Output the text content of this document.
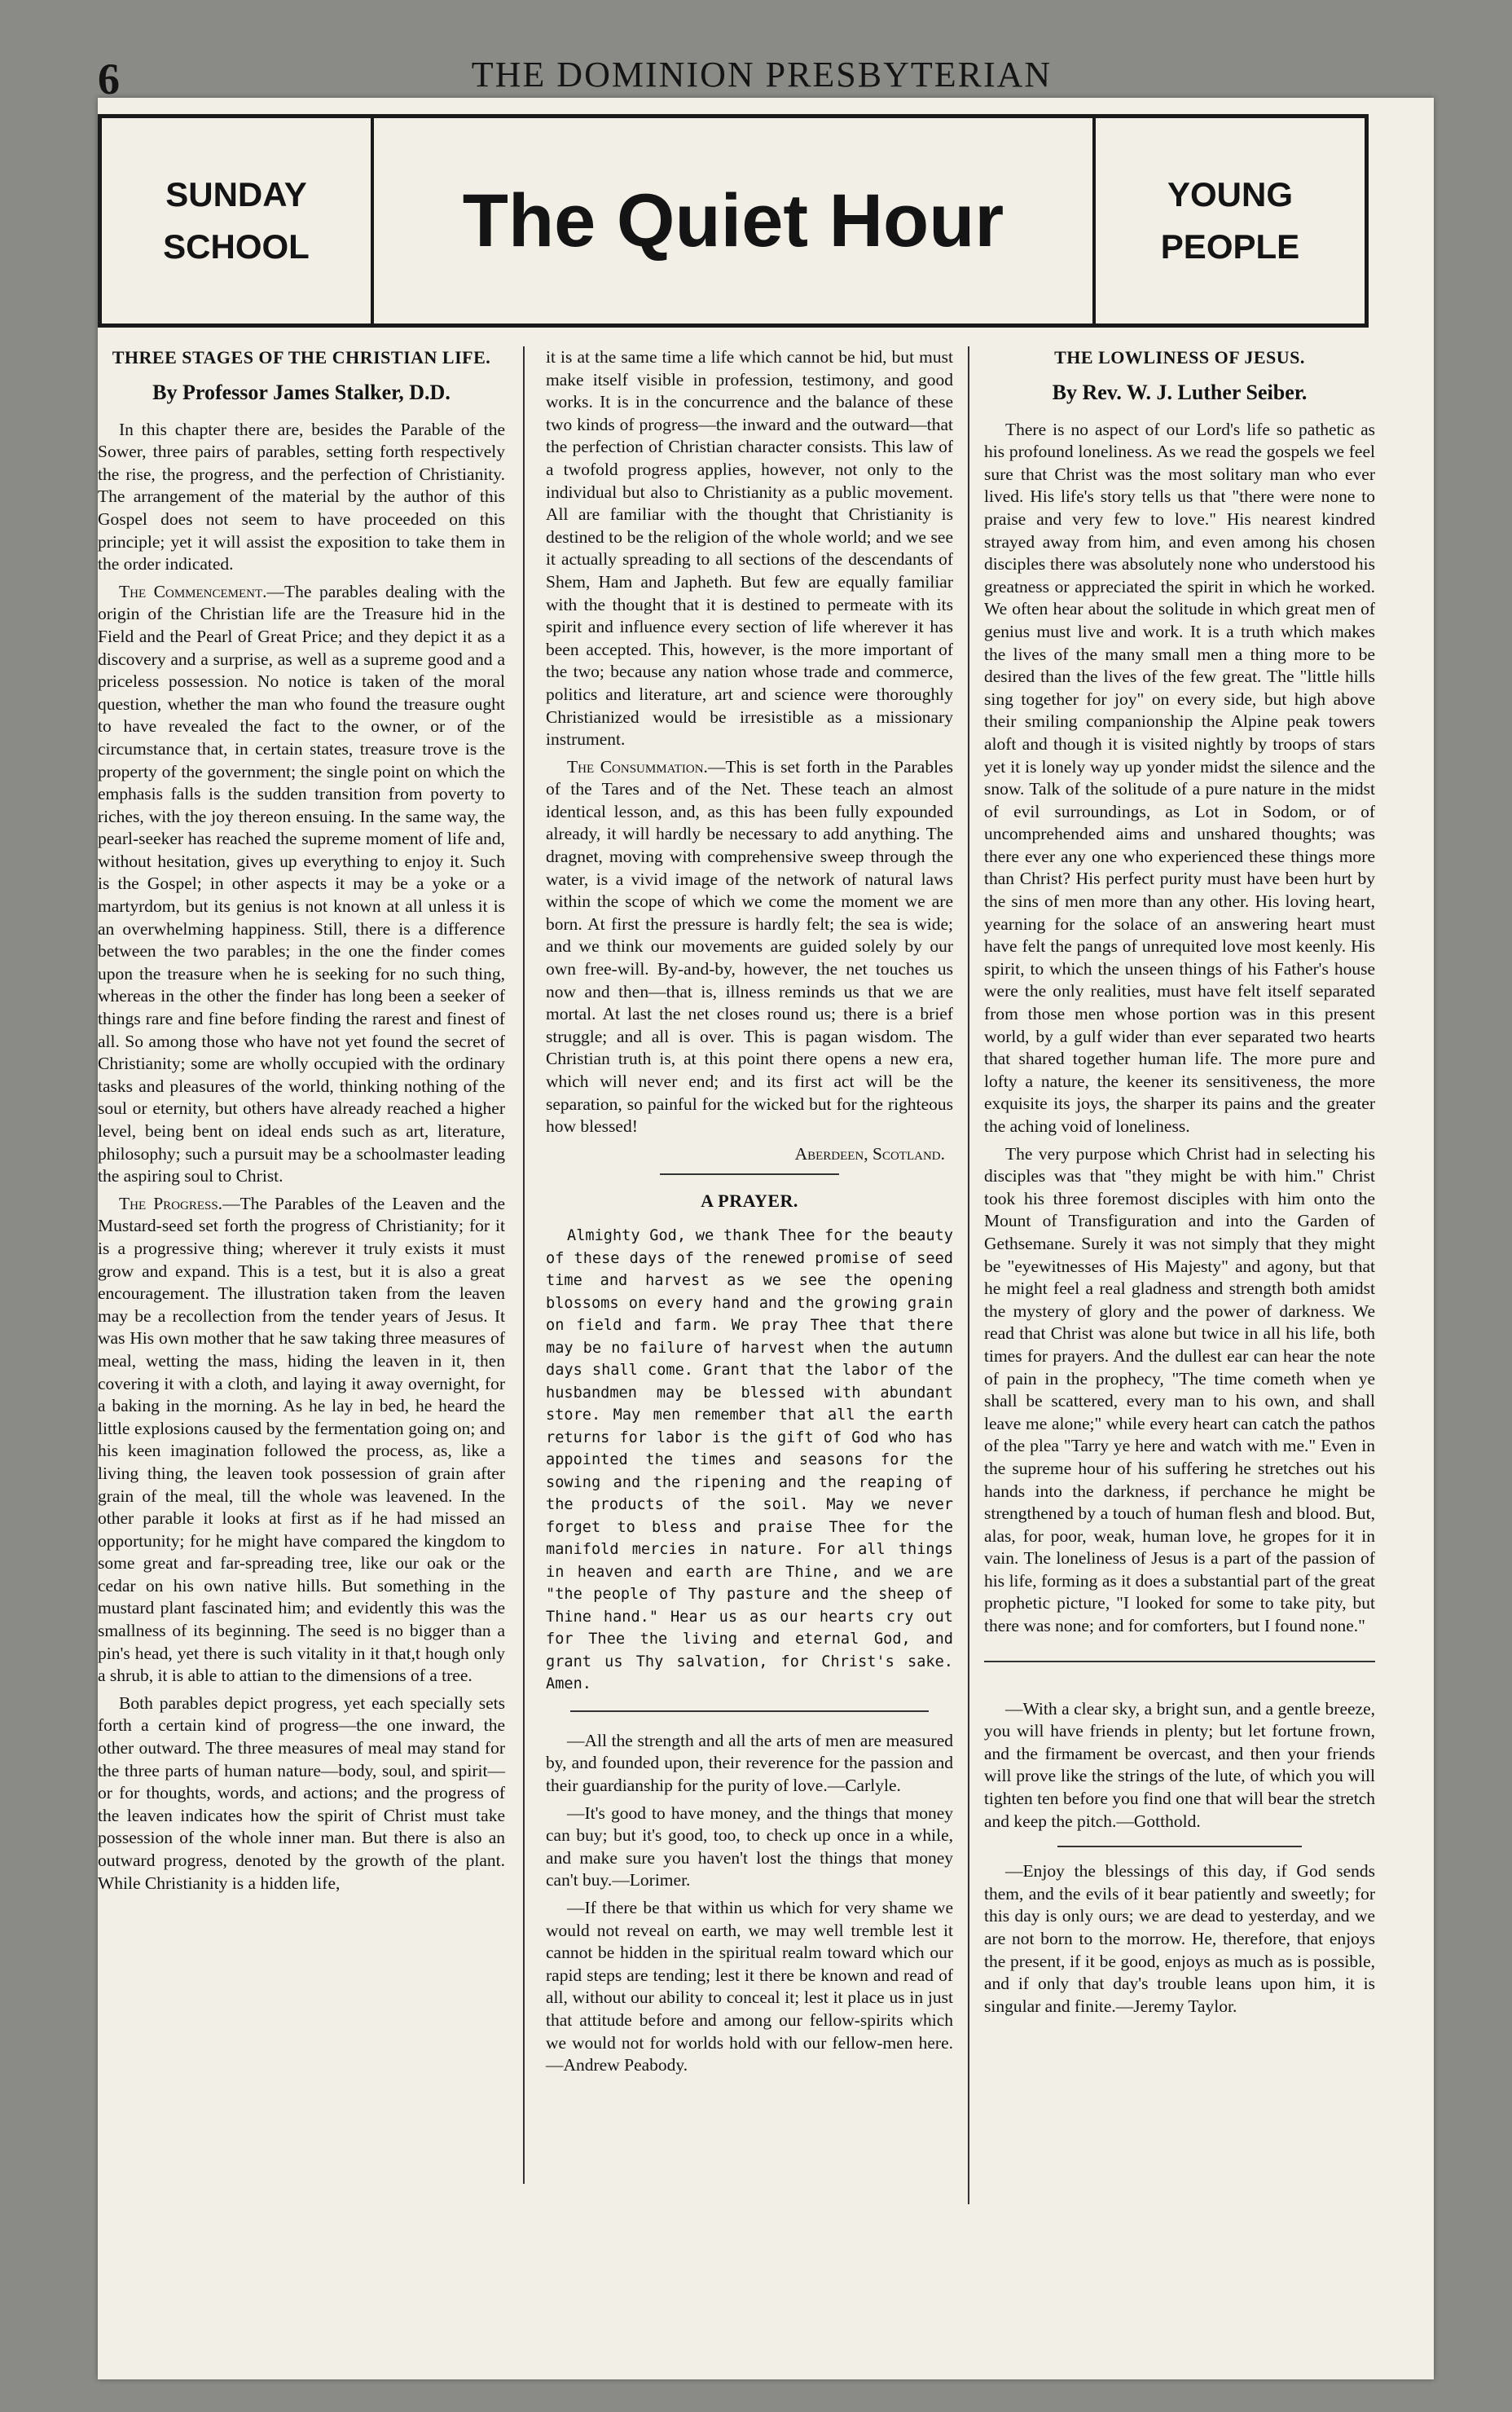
6	THE DOMINION PRESBYTERIAN
SUNDAY
SCHOOL	The Quiet Hour	YOUNG
PEOPLE
THREE STAGES OF THE CHRISTIAN LIFE.
By Professor James Stalker, D.D.

In this chapter there are, besides the Parable of the Sower, three pairs of parables, setting forth respectively the rise, the progress, and the perfection of Christianity. The arrangement of the material by the author of this Gospel does not seem to have proceeded on this principle; yet it will assist the exposition to take them in the order indicated.

The Commencement.—The parables dealing with the origin of the Christian life are the Treasure hid in the Field and the Pearl of Great Price; and they depict it as a discovery and a surprise, as well as a supreme good and a priceless possession. No notice is taken of the moral question, whether the man who found the treasure ought to have revealed the fact to the owner, or of the circumstance that, in certain states, treasure trove is the property of the government; the single point on which the emphasis falls is the sudden transition from poverty to riches, with the joy thereon ensuing. In the same way, the pearl-seeker has reached the supreme moment of life and, without hesitation, gives up everything to enjoy it. Such is the Gospel; in other aspects it may be a yoke or a martyrdom, but its genius is not known at all unless it is an overwhelming happiness. Still, there is a difference between the two parables; in the one the finder comes upon the treasure when he is seeking for no such thing, whereas in the other the finder has long been a seeker of things rare and fine before finding the rarest and finest of all. So among those who have not yet found the secret of Christianity; some are wholly occupied with the ordinary tasks and pleasures of the world, thinking nothing of the soul or eternity, but others have already reached a higher level, being bent on ideal ends such as art, literature, philosophy; such a pursuit may be a schoolmaster leading the aspiring soul to Christ.

The Progress.—The Parables of the Leaven and the Mustard-seed set forth the progress of Christianity; for it is a progressive thing; wherever it truly exists it must grow and expand. This is a test, but it is also a great encouragement. The illustration taken from the leaven may be a recollection from the tender years of Jesus. It was His own mother that he saw taking three measures of meal, wetting the mass, hiding the leaven in it, then covering it with a cloth, and laying it away overnight, for a baking in the morning. As he lay in bed, he heard the little explosions caused by the fermentation going on; and his keen imagination followed the process, as, like a living thing, the leaven took possession of grain after grain of the meal, till the whole was leavened. In the other parable it looks at first as if he had missed an opportunity; for he might have compared the kingdom to some great and far-spreading tree, like our oak or the cedar on his own native hills. But something in the mustard plant fascinated him; and evidently this was the smallness of its beginning. The seed is no bigger than a pin's head, yet there is such vitality in it that,t hough only a shrub, it is able to attian to the dimensions of a tree.

Both parables depict progress, yet each specially sets forth a certain kind of progress—the one inward, the other outward. The three measures of meal may stand for the three parts of human nature—body, soul, and spirit—or for thoughts, words, and actions; and the progress of the leaven indicates how the spirit of Christ must take possession of the whole inner man. But there is also an outward progress, denoted by the growth of the plant. While Christianity is a hidden life,

it is at the same time a life which cannot be hid, but must make itself visible in profession, testimony, and good works. It is in the concurrence and the balance of these two kinds of progress—the inward and the outward—that the perfection of Christian character consists. This law of a twofold progress applies, however, not only to the individual but also to Christianity as a public movement. All are familiar with the thought that Christianity is destined to be the religion of the whole world; and we see it actually spreading to all sections of the descendants of Shem, Ham and Japheth. But few are equally familiar with the thought that it is destined to permeate with its spirit and influence every section of life wherever it has been accepted. This, however, is the more important of the two; because any nation whose trade and commerce, politics and literature, art and science were thoroughly Christianized would be irresistible as a missionary instrument.

The Consummation.—This is set forth in the Parables of the Tares and of the Net. These teach an almost identical lesson, and, as this has been fully expounded already, it will hardly be necessary to add anything. The dragnet, moving with comprehensive sweep through the water, is a vivid image of the network of natural laws within the scope of which we come the moment we are born. At first the pressure is hardly felt; the sea is wide; and we think our movements are guided solely by our own free-will. By-and-by, however, the net touches us now and then—that is, illness reminds us that we are mortal. At last the net closes round us; there is a brief struggle; and all is over. This is pagan wisdom. The Christian truth is, at this point there opens a new era, which will never end; and its first act will be the separation, so painful for the wicked but for the righteous how blessed!

Aberdeen, Scotland.
A PRAYER.

Almighty God, we thank Thee for the beauty of these days of the renewed promise of seed time and harvest as we see the opening blossoms on every hand and the growing grain on field and farm. We pray Thee that there may be no failure of harvest when the autumn days shall come. Grant that the labor of the husbandmen may be blessed with abundant store. May men remember that all the earth returns for labor is the gift of God who has appointed the times and seasons for the sowing and the ripening and the reaping of the products of the soil. May we never forget to bless and praise Thee for the manifold mercies in nature. For all things in heaven and earth are Thine, and we are "the people of Thy pasture and the sheep of Thine hand." Hear us as our hearts cry out for Thee the living and eternal God, and grant us Thy salvation, for Christ's sake. Amen.

—All the strength and all the arts of men are measured by, and founded upon, their reverence for the passion and their guardianship for the purity of love.—Carlyle.

—It's good to have money, and the things that money can buy; but it's good, too, to check up once in a while, and make sure you haven't lost the things that money can't buy.—Lorimer.

—If there be that within us which for very shame we would not reveal on earth, we may well tremble lest it cannot be hidden in the spiritual realm toward which our rapid steps are tending; lest it there be known and read of all, without our ability to conceal it; lest it place us in just that attitude before and among our fellow-spirits which we would not for worlds hold with our fellow-men here.—Andrew Peabody.

THE LOWLINESS OF JESUS.
By Rev. W. J. Luther Seiber.

There is no aspect of our Lord's life so pathetic as his profound loneliness. As we read the gospels we feel sure that Christ was the most solitary man who ever lived. His life's story tells us that "there were none to praise and very few to love." His nearest kindred strayed away from him, and even among his chosen disciples there was absolutely none who understood his greatness or appreciated the spirit in which he worked. We often hear about the solitude in which great men of genius must live and work. It is a truth which makes the lives of the many small men a thing more to be desired than the lives of the few great. The "little hills sing together for joy" on every side, but high above their smiling companionship the Alpine peak towers aloft and though it is visited nightly by troops of stars yet it is lonely way up yonder midst the silence and the snow. Talk of the solitude of a pure nature in the midst of evil surroundings, as Lot in Sodom, or of uncomprehended aims and unshared thoughts; was there ever any one who experienced these things more than Christ? His perfect purity must have been hurt by the sins of men more than any other. His loving heart, yearning for the solace of an answering heart must have felt the pangs of unrequited love most keenly. His spirit, to which the unseen things of his Father's house were the only realities, must have felt itself separated from those men whose portion was in this present world, by a gulf wider than ever separated two hearts that shared together human life. The more pure and lofty a nature, the keener its sensitiveness, the more exquisite its joys, the sharper its pains and the greater the aching void of loneliness.

The very purpose which Christ had in selecting his disciples was that "they might be with him." Christ took his three foremost disciples with him onto the Mount of Transfiguration and into the Garden of Gethsemane. Surely it was not simply that they might be "eyewitnesses of His Majesty" and agony, but that he might feel a real gladness and strength both amidst the mystery of glory and the power of darkness. We read that Christ was alone but twice in all his life, both times for prayers. And the dullest ear can hear the note of pain in the prophecy, "The time cometh when ye shall be scattered, every man to his own, and shall leave me alone;" while every heart can catch the pathos of the plea "Tarry ye here and watch with me." Even in the supreme hour of his suffering he stretches out his hands into the darkness, if perchance he might be strengthened by a touch of human flesh and blood. But, alas, for poor, weak, human love, he gropes for it in vain. The loneliness of Jesus is a part of the passion of his life, forming as it does a substantial part of the great prophetic picture, "I looked for some to take pity, but there was none; and for comforters, but I found none."

—With a clear sky, a bright sun, and a gentle breeze, you will have friends in plenty; but let fortune frown, and the firmament be overcast, and then your friends will prove like the strings of the lute, of which you will tighten ten before you find one that will bear the stretch and keep the pitch.—Gotthold.

—Enjoy the blessings of this day, if God sends them, and the evils of it bear patiently and sweetly; for this day is only ours; we are dead to yesterday, and we are not born to the morrow. He, therefore, that enjoys the present, if it be good, enjoys as much as is possible, and if only that day's trouble leans upon him, it is singular and finite.—Jeremy Taylor.
